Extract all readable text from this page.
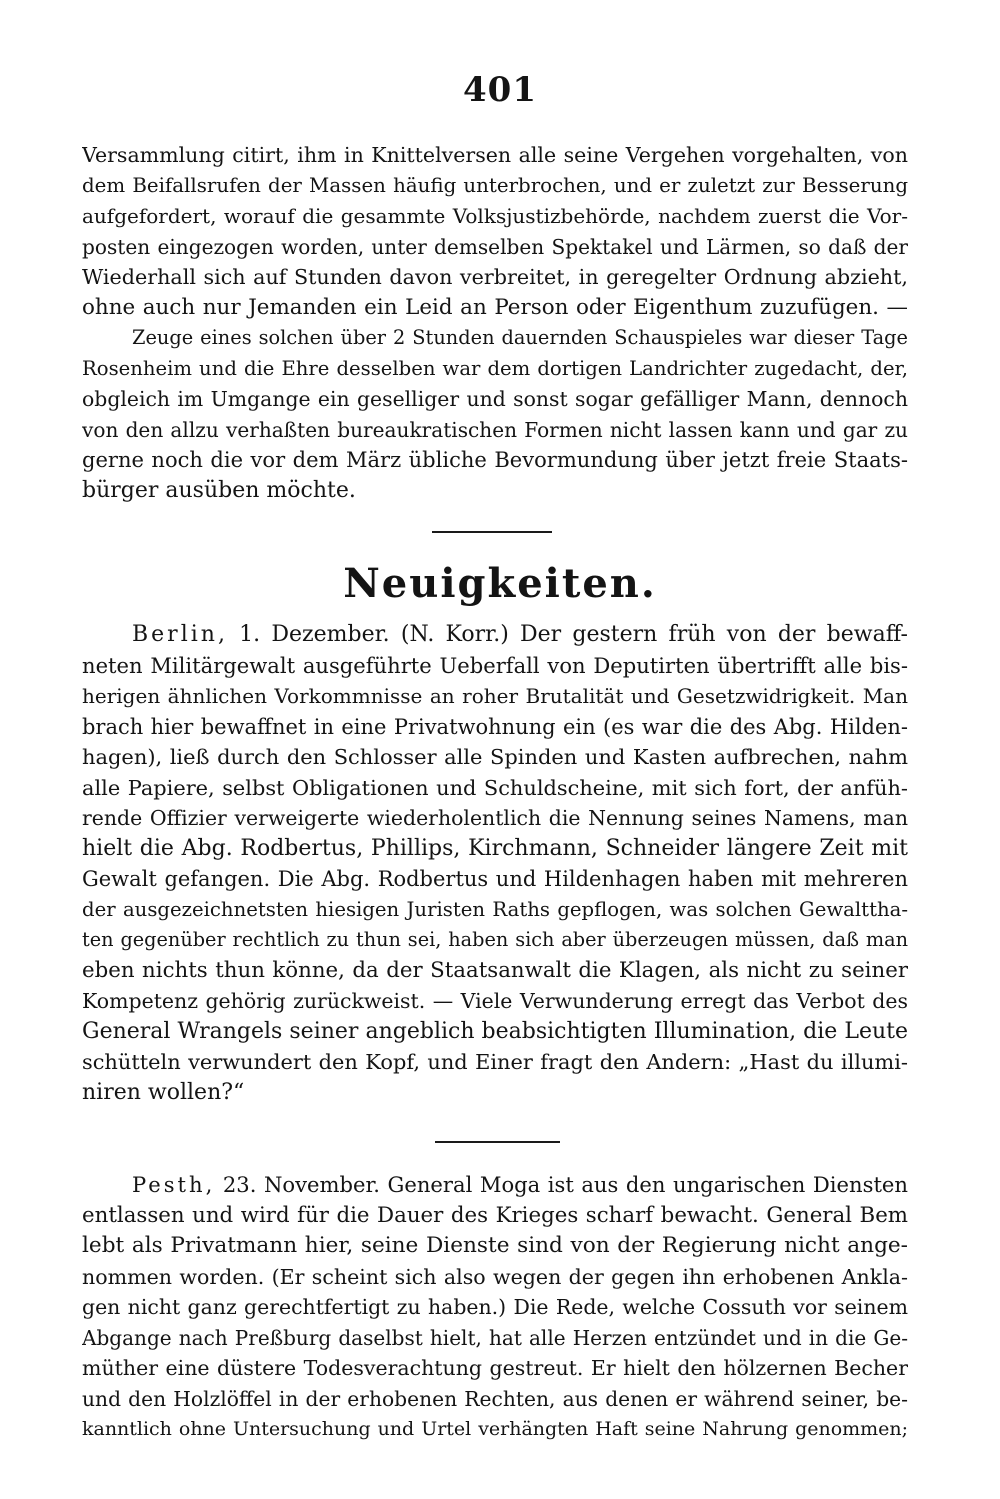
401
Versammlung citirt, ihm in Knittelversen alle seine Vergehen vorgehalten, von
dem Beifallsrufen der Massen häufig unterbrochen, und er zuletzt zur Besserung
aufgefordert, worauf die gesammte Volksjustizbehörde, nachdem zuerst die Vor-
posten eingezogen worden, unter demselben Spektakel und Lärmen, so daß der
Wiederhall sich auf Stunden davon verbreitet, in geregelter Ordnung abzieht,
ohne auch nur Jemanden ein Leid an Person oder Eigenthum zuzufügen. —
Zeuge eines solchen über 2 Stunden dauernden Schauspieles war dieser Tage
Rosenheim und die Ehre desselben war dem dortigen Landrichter zugedacht, der,
obgleich im Umgange ein geselliger und sonst sogar gefälliger Mann, dennoch
von den allzu verhaßten bureaukratischen Formen nicht lassen kann und gar zu
gerne noch die vor dem März übliche Bevormundung über jetzt freie Staats-
bürger ausüben möchte.
Neuigkeiten.
Berlin, 1. Dezember. (N. Korr.) Der gestern früh von der bewaff-
neten Militärgewalt ausgeführte Ueberfall von Deputirten übertrifft alle bis-
herigen ähnlichen Vorkommnisse an roher Brutalität und Gesetzwidrigkeit. Man
brach hier bewaffnet in eine Privatwohnung ein (es war die des Abg. Hilden-
hagen), ließ durch den Schlosser alle Spinden und Kasten aufbrechen, nahm
alle Papiere, selbst Obligationen und Schuldscheine, mit sich fort, der anfüh-
rende Offizier verweigerte wiederholentlich die Nennung seines Namens, man
hielt die Abg. Rodbertus, Phillips, Kirchmann, Schneider längere Zeit mit
Gewalt gefangen. Die Abg. Rodbertus und Hildenhagen haben mit mehreren
der ausgezeichnetsten hiesigen Juristen Raths gepflogen, was solchen Gewalttha-
ten gegenüber rechtlich zu thun sei, haben sich aber überzeugen müssen, daß man
eben nichts thun könne, da der Staatsanwalt die Klagen, als nicht zu seiner
Kompetenz gehörig zurückweist. — Viele Verwunderung erregt das Verbot des
General Wrangels seiner angeblich beabsichtigten Illumination, die Leute
schütteln verwundert den Kopf, und Einer fragt den Andern: „Hast du illumi-
niren wollen?“
Pesth, 23. November. General Moga ist aus den ungarischen Diensten
entlassen und wird für die Dauer des Krieges scharf bewacht. General Bem
lebt als Privatmann hier, seine Dienste sind von der Regierung nicht ange-
nommen worden. (Er scheint sich also wegen der gegen ihn erhobenen Ankla-
gen nicht ganz gerechtfertigt zu haben.) Die Rede, welche Cossuth vor seinem
Abgange nach Preßburg daselbst hielt, hat alle Herzen entzündet und in die Ge-
müther eine düstere Todesverachtung gestreut. Er hielt den hölzernen Becher
und den Holzlöffel in der erhobenen Rechten, aus denen er während seiner, be-
kanntlich ohne Untersuchung und Urtel verhängten Haft seine Nahrung genommen;
